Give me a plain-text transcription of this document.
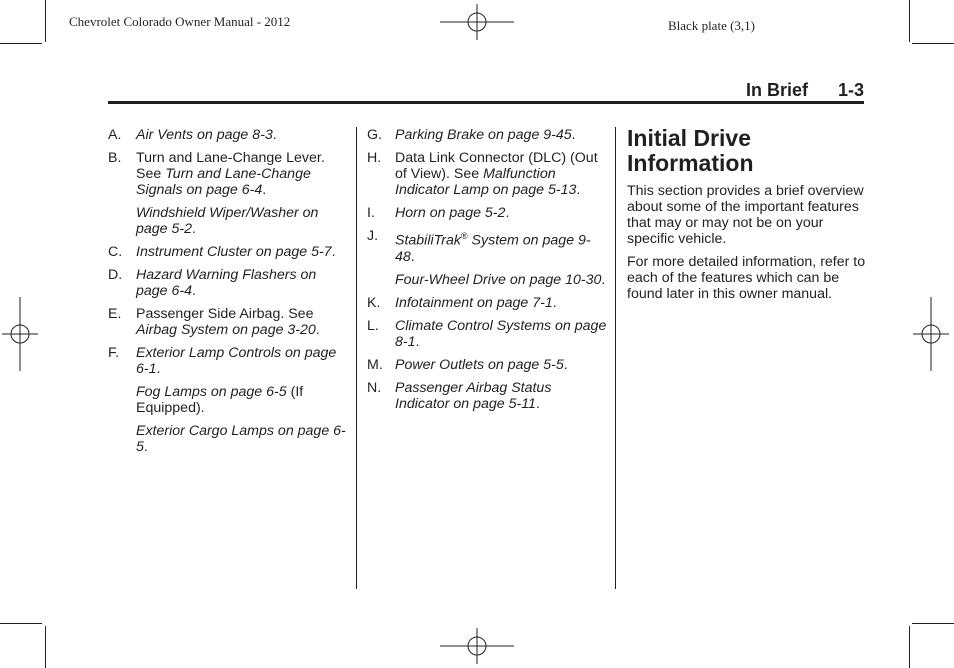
Chevrolet Colorado Owner Manual - 2012	Black plate (3,1)
In Brief 1-3
A.	Air Vents on page 8-3.
B.	Turn and Lane-Change Lever. See Turn and Lane-Change Signals on page 6-4.
Windshield Wiper/Washer on page 5-2.
C. Instrument Cluster on page 5-7.
D. Hazard Warning Flashers on page 6-4.
E.	Passenger Side Airbag. See Airbag System on page 3-20.
F.	Exterior Lamp Controls on page 6-1.
Fog Lamps on page 6-5 (If Equipped).
Exterior Cargo Lamps on page 6-5.
G. Parking Brake on page 9-45.
H. Data Link Connector (DLC) (Out of View). See Malfunction Indicator Lamp on page 5-13.
I.	Horn on page 5-2.
J.	StabiliTrak® System on page 9-48.
Four-Wheel Drive on page 10-30.
K.	Infotainment on page 7-1.
L.	Climate Control Systems on page 8-1.
M. Power Outlets on page 5-5.
N. Passenger Airbag Status Indicator on page 5-11.
Initial Drive
Information
This section provides a brief overview about some of the important features that may or may not be on your specific vehicle.
For more detailed information, refer to each of the features which can be found later in this owner manual.
